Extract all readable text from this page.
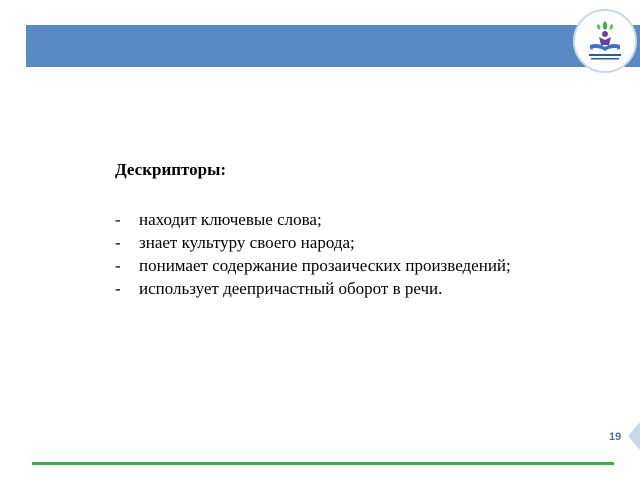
Дескрипторы:
-	находит ключевые слова;
-	знает культуру своего народа;
-	понимает содержание прозаических произведений;
-	использует деепричастный оборот в речи.
19
